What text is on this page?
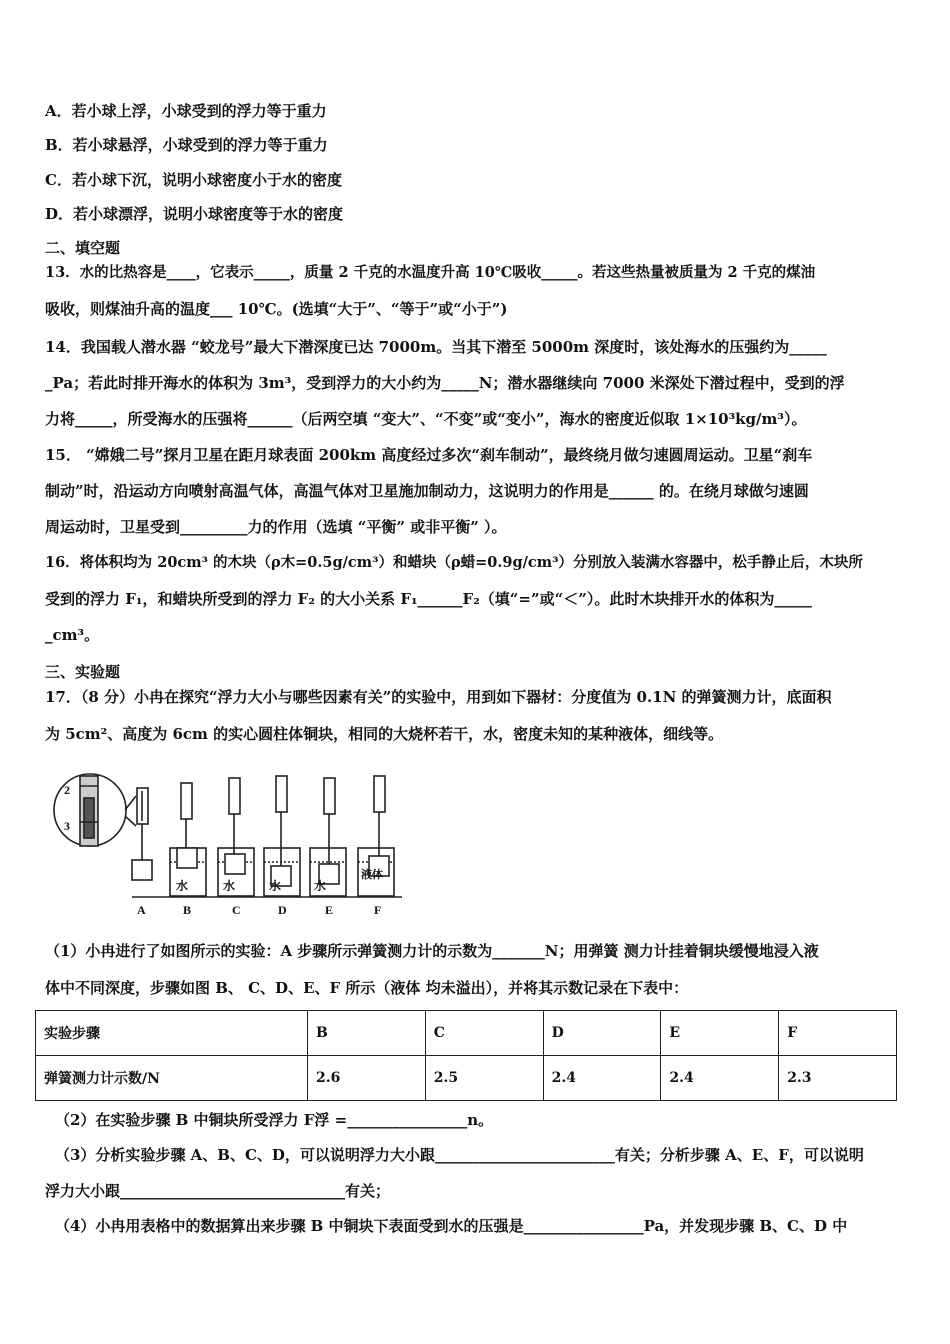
A．若小球上浮，小球受到的浮力等于重力
B．若小球悬浮，小球受到的浮力等于重力
C．若小球下沉，说明小球密度小于水的密度
D．若小球漂浮，说明小球密度等于水的密度
二、填空题
13．水的比热容是____，它表示_____，质量 2 千克的水温度升高 10℃吸收_____。若这些热量被质量为 2 千克的煤油
吸收，则煤油升高的温度___ 10℃。(选填“大于”、“等于”或“小于”)
14．我国载人潜水器 “蛟龙号”最大下潜深度已达 7000m。当其下潜至 5000m 深度时，该处海水的压强约为_____
_Pa；若此时排开海水的体积为 3m³，受到浮力的大小约为_____N；潜水器继续向 7000 米深处下潜过程中，受到的浮
力将_____，所受海水的压强将______（后两空填 “变大”、“不变”或“变小”，海水的密度近似取 1×10³kg/m³）。
15． “嫦娥二号”探月卫星在距月球表面 200km 高度经过多次“刹车制动”，最终绕月做匀速圆周运动。卫星“刹车
制动”时，沿运动方向喷射高温气体，高温气体对卫星施加制动力，这说明力的作用是______ 的。在绕月球做匀速圆
周运动时，卫星受到_________力的作用（选填 “平衡” 或非平衡” ）。
16．将体积均为 20cm³ 的木块（ρ木=0.5g/cm³）和蜡块（ρ蜡=0.9g/cm³）分别放入装满水容器中，松手静止后，木块所
受到的浮力 F₁，和蜡块所受到的浮力 F₂ 的大小关系 F₁______F₂（填“=”或“＜”）。此时木块排开水的体积为_____
_cm³。
三、实验题
17．（8 分）小冉在探究“浮力大小与哪些因素有关”的实验中，用到如下器材：分度值为 0.1N 的弹簧测力计，底面积
为 5cm²、高度为 6cm 的实心圆柱体铜块，相同的大烧杯若干，水，密度未知的某种液体，细线等。
2
3
水	水	水	水
液体
A	B	C	D	E	F
（1）小冉进行了如图所示的实验：A 步骤所示弹簧测力计的示数为_______N；用弹簧 测力计挂着铜块缓慢地浸入液
体中不同深度，步骤如图 B、 C、D、E、F 所示（液体 均未溢出），并将其示数记录在下表中：
实验步骤	B	C	D	E	F
弹簧测力计示数/N	2.6	2.5	2.4	2.4	2.3
（2）在实验步骤 B 中铜块所受浮力 F浮 =________________n。
（3）分析实验步骤 A、B、C、D，可以说明浮力大小跟________________________有关；分析步骤 A、E、F，可以说明
浮力大小跟______________________________有关；
（4）小冉用表格中的数据算出来步骤 B 中铜块下表面受到水的压强是________________Pa，并发现步骤 B、C、D 中
